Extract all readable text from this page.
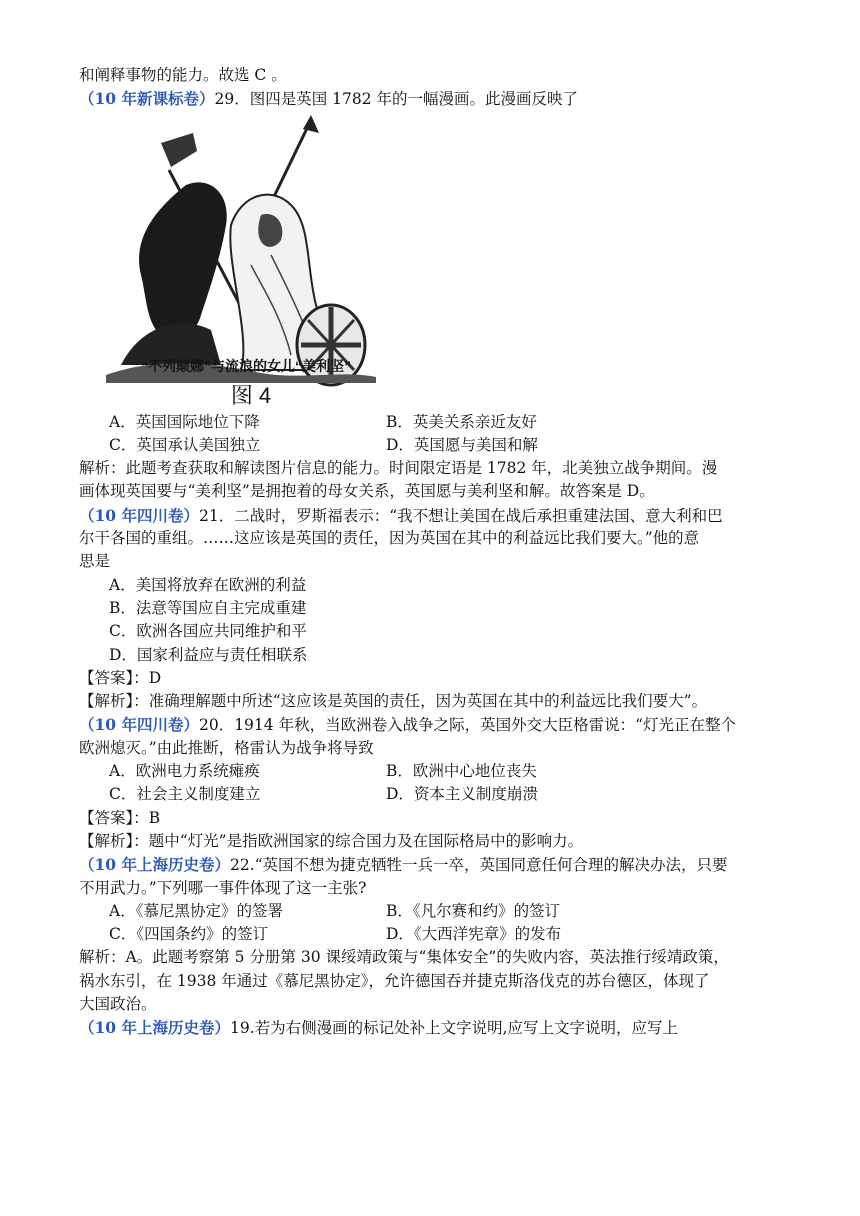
和阐释事物的能力。故选 C 。
（10 年新课标卷）29．图四是英国 1782 年的一幅漫画。此漫画反映了
“不列颠娜”与流浪的女儿“美利坚”
图 4
A．英国国际地位下降	B．英美关系亲近友好
C．英国承认美国独立	D．英国愿与美国和解
解析：此题考查获取和解读图片信息的能力。时间限定语是 1782 年，北美独立战争期间。漫
画体现英国要与“美利坚”是拥抱着的母女关系，英国愿与美利坚和解。故答案是 D。
（10 年四川卷）21．二战时，罗斯福表示：“我不想让美国在战后承担重建法国、意大利和巴
尔干各国的重组。……这应该是英国的责任，因为英国在其中的利益远比我们要大。”他的意
思是
A．美国将放弃在欧洲的利益
B．法意等国应自主完成重建
C．欧洲各国应共同维护和平
D．国家利益应与责任相联系
【答案】：D
【解析】：准确理解题中所述“这应该是英国的责任，因为英国在其中的利益远比我们要大”。
（10 年四川卷）20．1914 年秋，当欧洲卷入战争之际，英国外交大臣格雷说：“灯光正在整个
欧洲熄灭。”由此推断，格雷认为战争将导致
A．欧洲电力系统瘫痪	B．欧洲中心地位丧失
C．社会主义制度建立	D．资本主义制度崩溃
【答案】：B
【解析】：题中“灯光”是指欧洲国家的综合国力及在国际格局中的影响力。
（10 年上海历史卷）22.“英国不想为捷克牺牲一兵一卒，英国同意任何合理的解决办法，只要
不用武力。”下列哪一事件体现了这一主张?
A．《慕尼黑协定》的签署	B．《凡尔赛和约》的签订
C．《四国条约》的签订	D．《大西洋宪章》的发布
解析：A。此题考察第 5 分册第 30 课绥靖政策与“集体安全”的失败内容，英法推行绥靖政策，
祸水东引，在 1938 年通过《慕尼黑协定》，允许德国吞并捷克斯洛伐克的苏台德区，体现了
大国政治。
（10 年上海历史卷）19.若为右侧漫画的标记处补上文字说明,应写上文字说明，应写上
